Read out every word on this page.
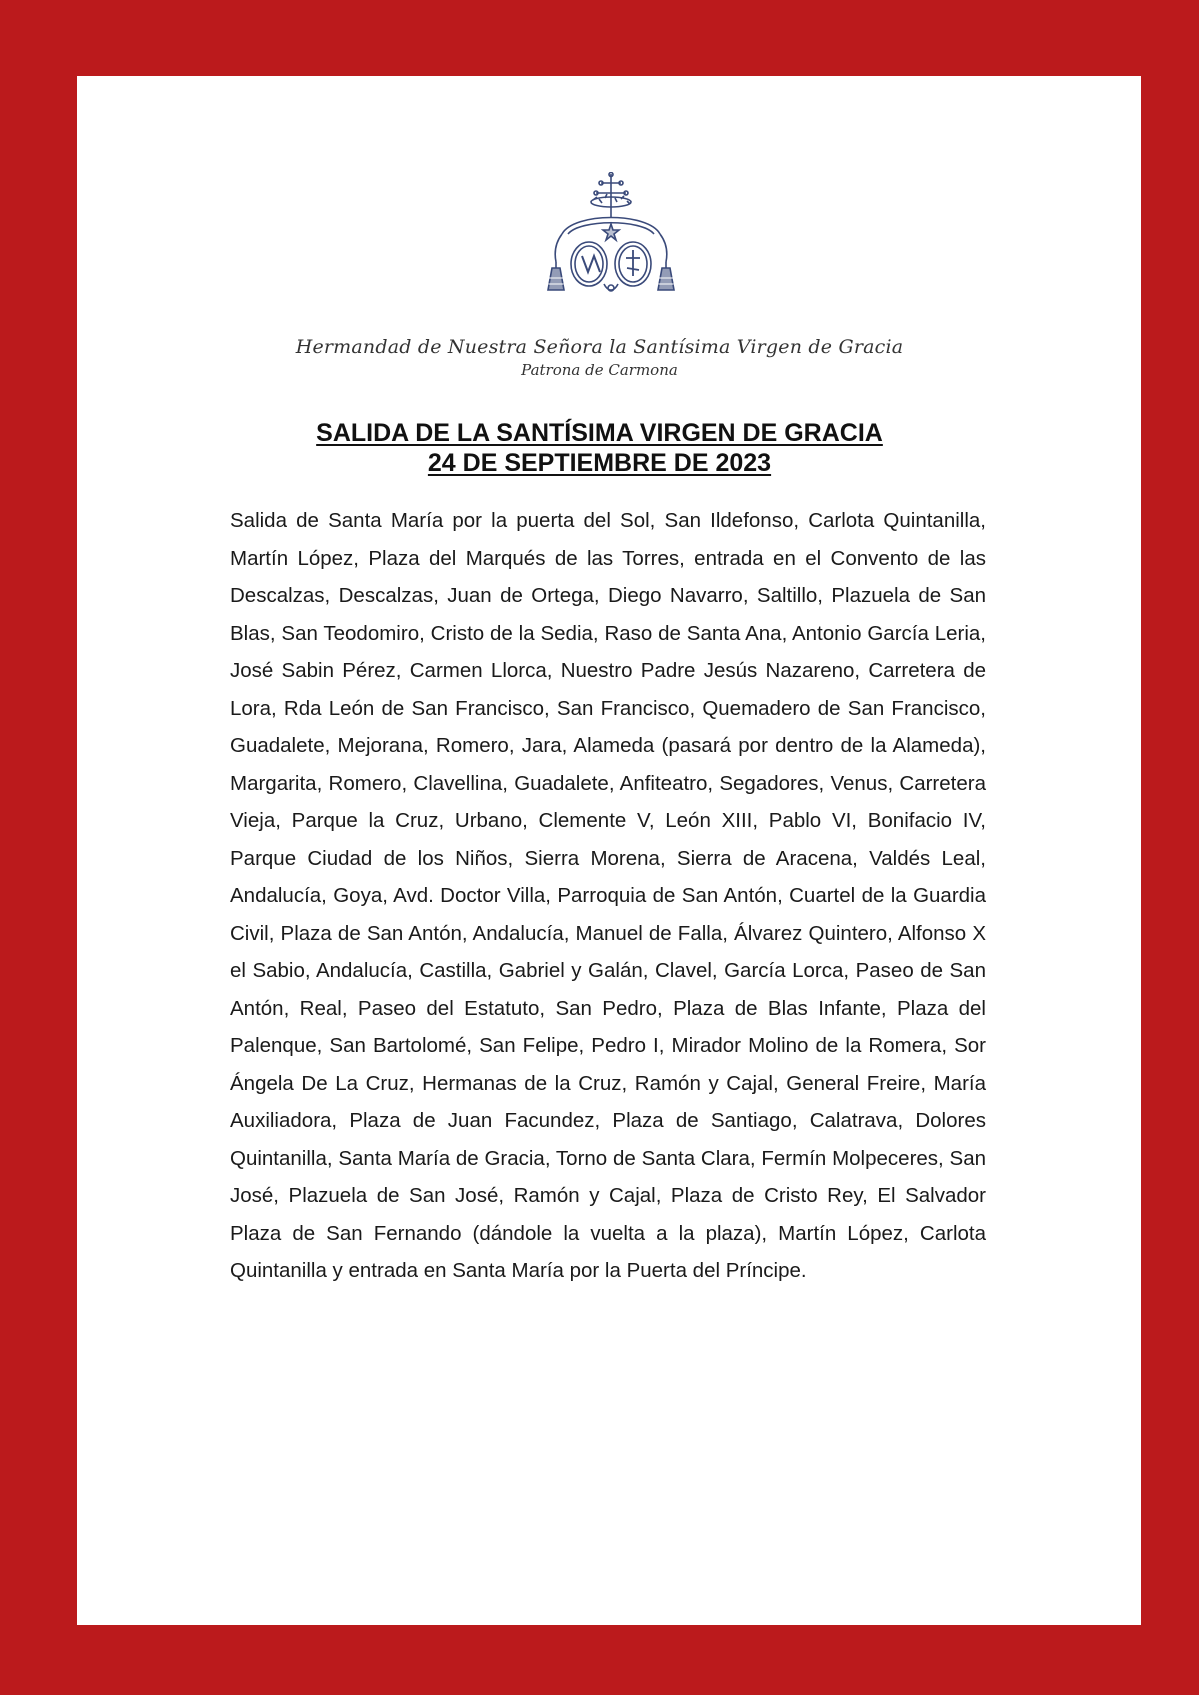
Hermandad de Nuestra Señora la Santísima Virgen de Gracia
Patrona de Carmona
SALIDA DE LA SANTÍSIMA VIRGEN DE GRACIA
24 DE SEPTIEMBRE DE 2023

Salida de Santa María por la puerta del Sol, San Ildefonso, Carlota Quintanilla, Martín López, Plaza del Marqués de las Torres, entrada en el Convento de las Descalzas, Descalzas, Juan de Ortega, Diego Navarro, Saltillo, Plazuela de San Blas, San Teodomiro, Cristo de la Sedia, Raso de Santa Ana, Antonio García Leria, José Sabin Pérez, Carmen Llorca, Nuestro Padre Jesús Nazareno, Carretera de Lora, Rda León de San Francisco, San Francisco, Quemadero de San Francisco, Guadalete, Mejorana, Romero, Jara, Alameda (pasará por dentro de la Alameda), Margarita, Romero, Clavellina, Guadalete, Anfiteatro, Segadores, Venus, Carretera Vieja, Parque la Cruz, Urbano, Clemente V, León XIII, Pablo VI, Bonifacio IV, Parque Ciudad de los Niños, Sierra Morena, Sierra de Aracena, Valdés Leal, Andalucía, Goya, Avd. Doctor Villa, Parroquia de San Antón, Cuartel de la Guardia Civil, Plaza de San Antón, Andalucía, Manuel de Falla, Álvarez Quintero, Alfonso X el Sabio, Andalucía, Castilla, Gabriel y Galán, Clavel, García Lorca, Paseo de San Antón, Real, Paseo del Estatuto, San Pedro, Plaza de Blas Infante, Plaza del Palenque, San Bartolomé, San Felipe, Pedro I, Mirador Molino de la Romera, Sor Ángela De La Cruz, Hermanas de la Cruz, Ramón y Cajal, General Freire, María Auxiliadora, Plaza de Juan Facundez, Plaza de Santiago, Calatrava, Dolores Quintanilla, Santa María de Gracia, Torno de Santa Clara, Fermín Molpeceres, San José, Plazuela de San José, Ramón y Cajal, Plaza de Cristo Rey, El Salvador Plaza de San Fernando (dándole la vuelta a la plaza), Martín López, Carlota Quintanilla y entrada en Santa María por la Puerta del Príncipe.
